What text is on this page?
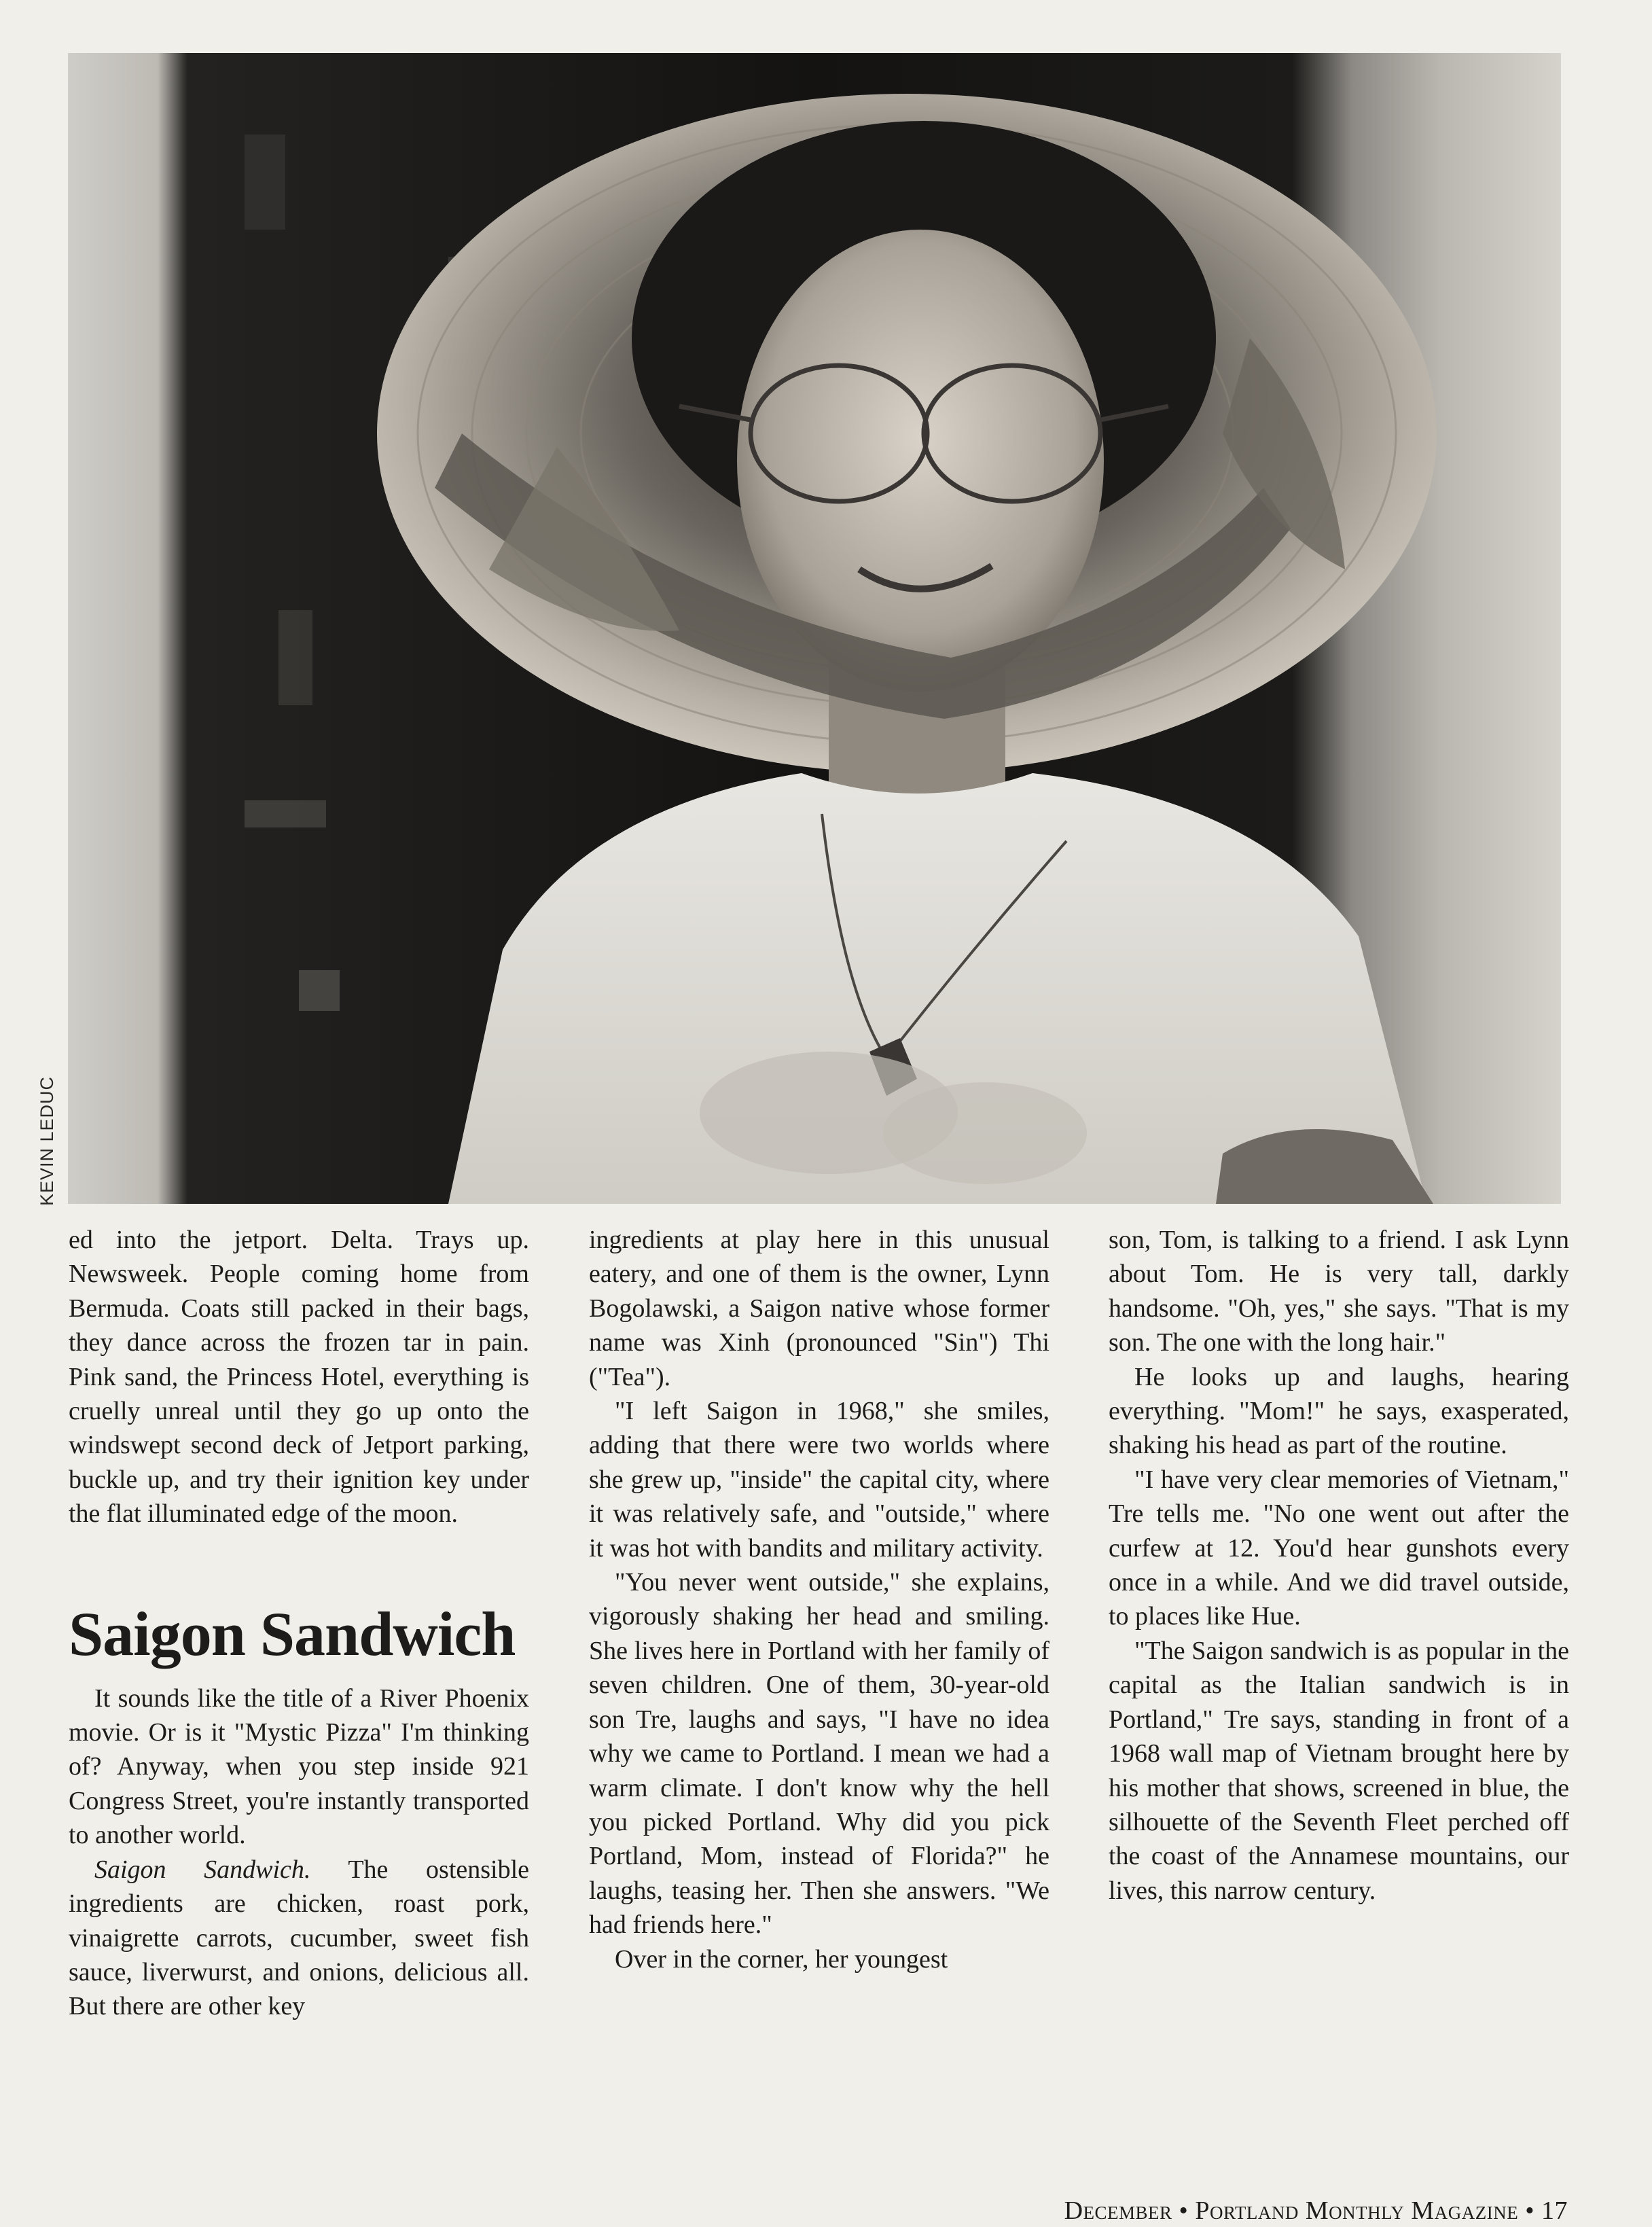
KEVIN LEDUC

ed into the jetport. Delta. Trays up. Newsweek. People coming home from Bermuda. Coats still packed in their bags, they dance across the frozen tar in pain. Pink sand, the Princess Hotel, everything is cruelly unreal until they go up onto the windswept second deck of Jetport parking, buckle up, and try their ignition key under the flat illuminated edge of the moon.

Saigon Sandwich

It sounds like the title of a River Phoenix movie. Or is it "Mystic Pizza" I'm thinking of? Anyway, when you step inside 921 Congress Street, you're instantly transported to another world.

Saigon Sandwich. The ostensible ingredients are chicken, roast pork, vinaigrette carrots, cucumber, sweet fish sauce, liverwurst, and onions, delicious all. But there are other key

ingredients at play here in this unusual eatery, and one of them is the owner, Lynn Bogolawski, a Saigon native whose former name was Xinh (pronounced "Sin") Thi ("Tea").

"I left Saigon in 1968," she smiles, adding that there were two worlds where she grew up, "inside" the capital city, where it was relatively safe, and "outside," where it was hot with bandits and military activity.

"You never went outside," she explains, vigorously shaking her head and smiling. She lives here in Portland with her family of seven children. One of them, 30-year-old son Tre, laughs and says, "I have no idea why we came to Portland. I mean we had a warm climate. I don't know why the hell you picked Portland. Why did you pick Portland, Mom, instead of Florida?" he laughs, teasing her. Then she answers. "We had friends here."

Over in the corner, her youngest

son, Tom, is talking to a friend. I ask Lynn about Tom. He is very tall, darkly handsome. "Oh, yes," she says. "That is my son. The one with the long hair."

He looks up and laughs, hearing everything. "Mom!" he says, exasperated, shaking his head as part of the routine.

"I have very clear memories of Vietnam," Tre tells me. "No one went out after the curfew at 12. You'd hear gunshots every once in a while. And we did travel outside, to places like Hue.

"The Saigon sandwich is as popular in the capital as the Italian sandwich is in Portland," Tre says, standing in front of a 1968 wall map of Vietnam brought here by his mother that shows, screened in blue, the silhouette of the Seventh Fleet perched off the coast of the Annamese mountains, our lives, this narrow century.

December • Portland Monthly Magazine • 17
